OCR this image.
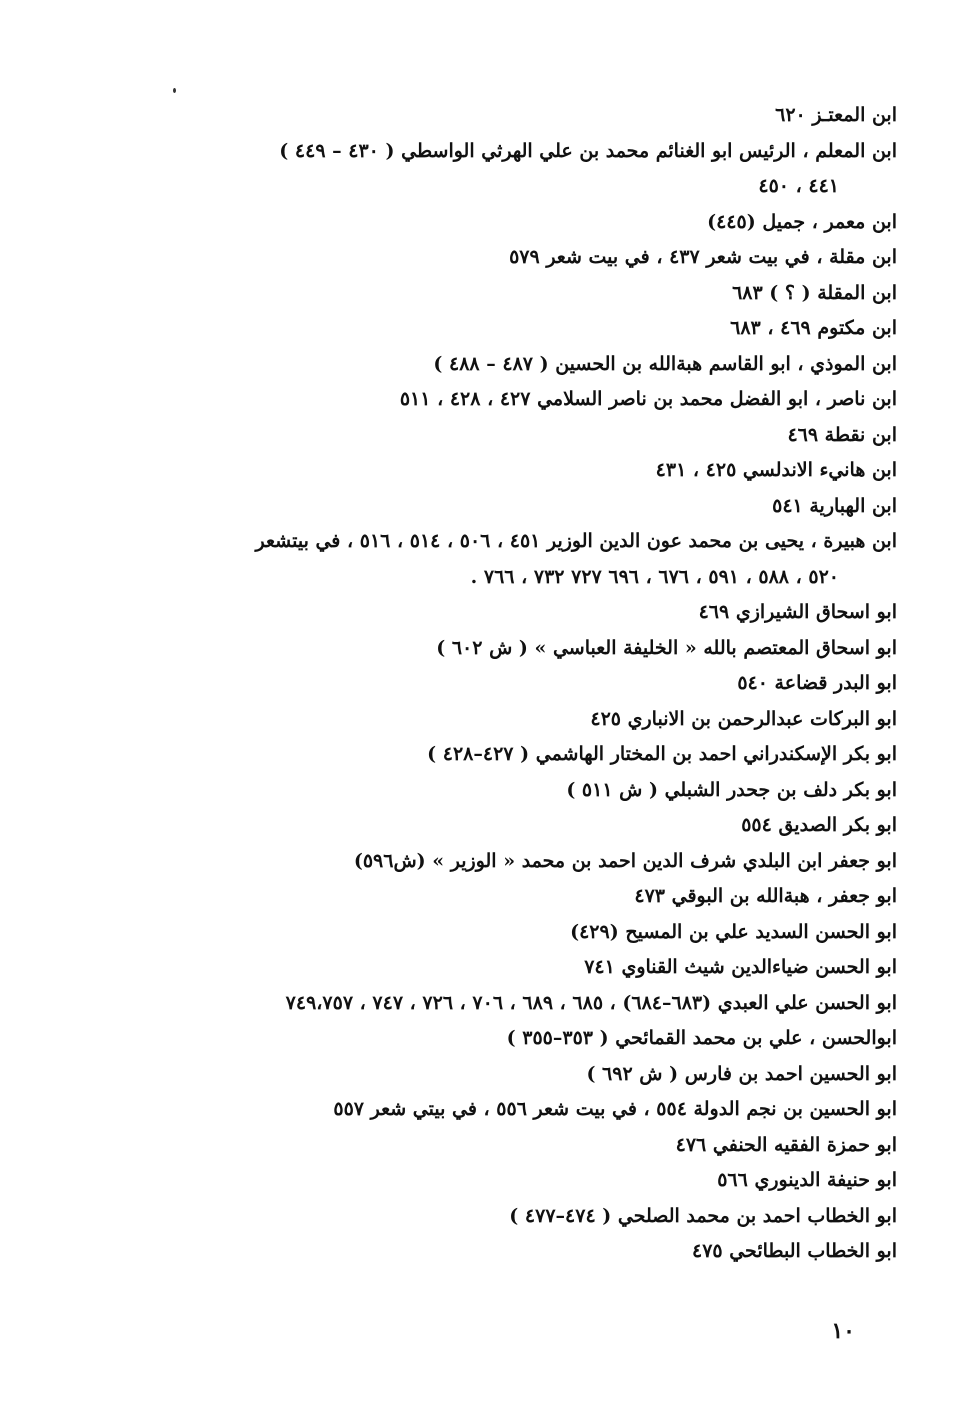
ابن المعتـز ٦٢٠
ابن المعلم ، الرئيس ابو الغنائم محمد بن علي الهرثي الواسطي ( ٤٣٠ – ٤٤٩ )
٤٤١ ، ٤٥٠
ابن معمر ، جميل (٤٤٥)
ابن مقلة ، في بيت شعر ٤٣٧ ، في بيت شعر ٥٧٩
ابن المقلة ( ؟ ) ٦٨٣
ابن مكتوم ٤٦٩ ، ٦٨٣
ابن الموذي ، ابو القاسم هبةالله بن الحسين ( ٤٨٧ – ٤٨٨ )
ابن ناصر ، ابو الفضل محمد بن ناصر السلامي ٤٢٧ ، ٤٢٨ ، ٥١١
ابن نقطة ٤٦٩
ابن هانيء الاندلسي ٤٢٥ ، ٤٣١
ابن الهبارية ٥٤١
ابن هبيرة ، يحيى بن محمد عون الدين الوزير ٤٥١ ، ٥٠٦ ، ٥١٤ ، ٥١٦ ، في بيتشعر
٥٢٠ ، ٥٨٨ ، ٥٩١ ، ٦٧٦ ، ٦٩٦ ٧٢٧ ٧٣٢ ، ٧٦٦ .
ابو اسحاق الشيرازي ٤٦٩
ابو اسحاق المعتصم بالله « الخليفة العباسي » ( ش ٦٠٢ )
ابو البدر قضاعة ٥٤٠
ابو البركات عبدالرحمن بن الانباري ٤٢٥
ابو بكر الإسكندراني احمد بن المختار الهاشمي ( ٤٢٧–٤٢٨ )
ابو بكر دلف بن جحدر الشبلي ( ش ٥١١ )
ابو بكر الصديق ٥٥٤
ابو جعفر ابن البلدي شرف الدين احمد بن محمد « الوزير » (ش٥٩٦)
ابو جعفر ، هبةالله بن البوقي ٤٧٣
ابو الحسن السديد علي بن المسيح (٤٢٩)
ابو الحسن ضياءالدين شيث القناوي ٧٤١
ابو الحسن علي العبدي (٦٨٣–٦٨٤) ، ٦٨٥ ، ٦٨٩ ، ٧٠٦ ، ٧٢٦ ، ٧٤٧ ، ٧٤٩،٧٥٧
ابوالحسن ، علي بن محمد القمائحي ( ٣٥٣–٣٥٥ )
ابو الحسين احمد بن فارس ( ش ٦٩٢ )
ابو الحسين بن نجم الدولة ٥٥٤ ، في بيت شعر ٥٥٦ ، في بيتي شعر ٥٥٧
ابو حمزة الفقيه الحنفي ٤٧٦
ابو حنيفة الدينوري ٥٦٦
ابو الخطاب احمد بن محمد الصلحي ( ٤٧٤–٤٧٧ )
ابو الخطاب البطائحي ٤٧٥
١٠
